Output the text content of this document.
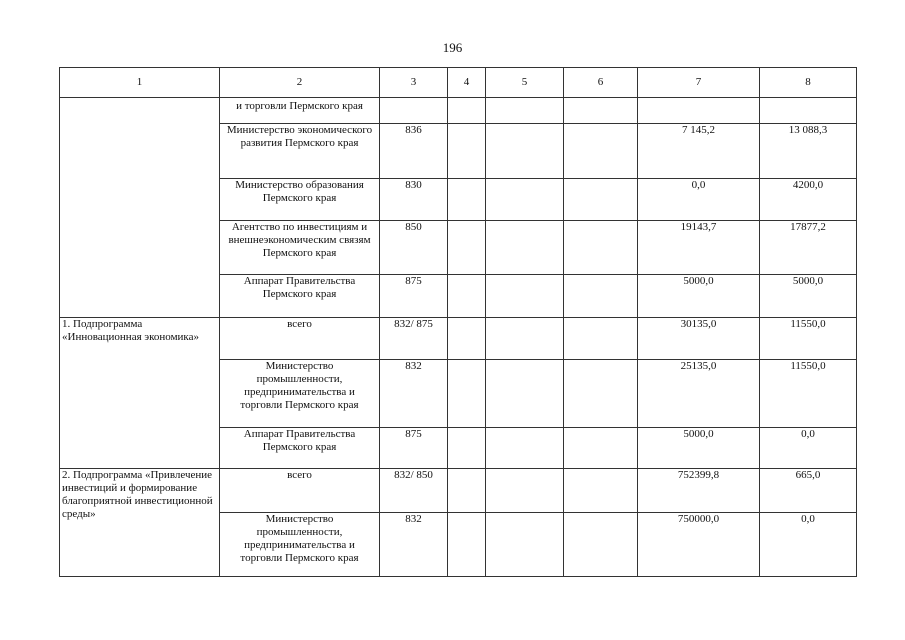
196
1	2	3	4	5	6	7	8
	и торговли Пермского края						
	Министерство экономического развития Пермского края	836				7 145,2	13 088,3
	Министерство образования Пермского края	830				0,0	4200,0
	Агентство по инвестициям и внешнеэкономическим связям Пермского края	850				19143,7	17877,2
	Аппарат Правительства Пермского края	875				5000,0	5000,0
1. Подпрограмма «Инновационная экономика»	всего	832/ 875				30135,0	11550,0
	Министерство промышленности, предпринимательства и торговли Пермского края	832				25135,0	11550,0
	Аппарат Правительства Пермского края	875				5000,0	0,0
2. Подпрограмма «Привлечение инвестиций и формирование благоприятной инвестиционной среды»	всего	832/ 850				752399,8	665,0
	Министерство промышленности, предпринимательства и торговли Пермского края	832				750000,0	0,0
